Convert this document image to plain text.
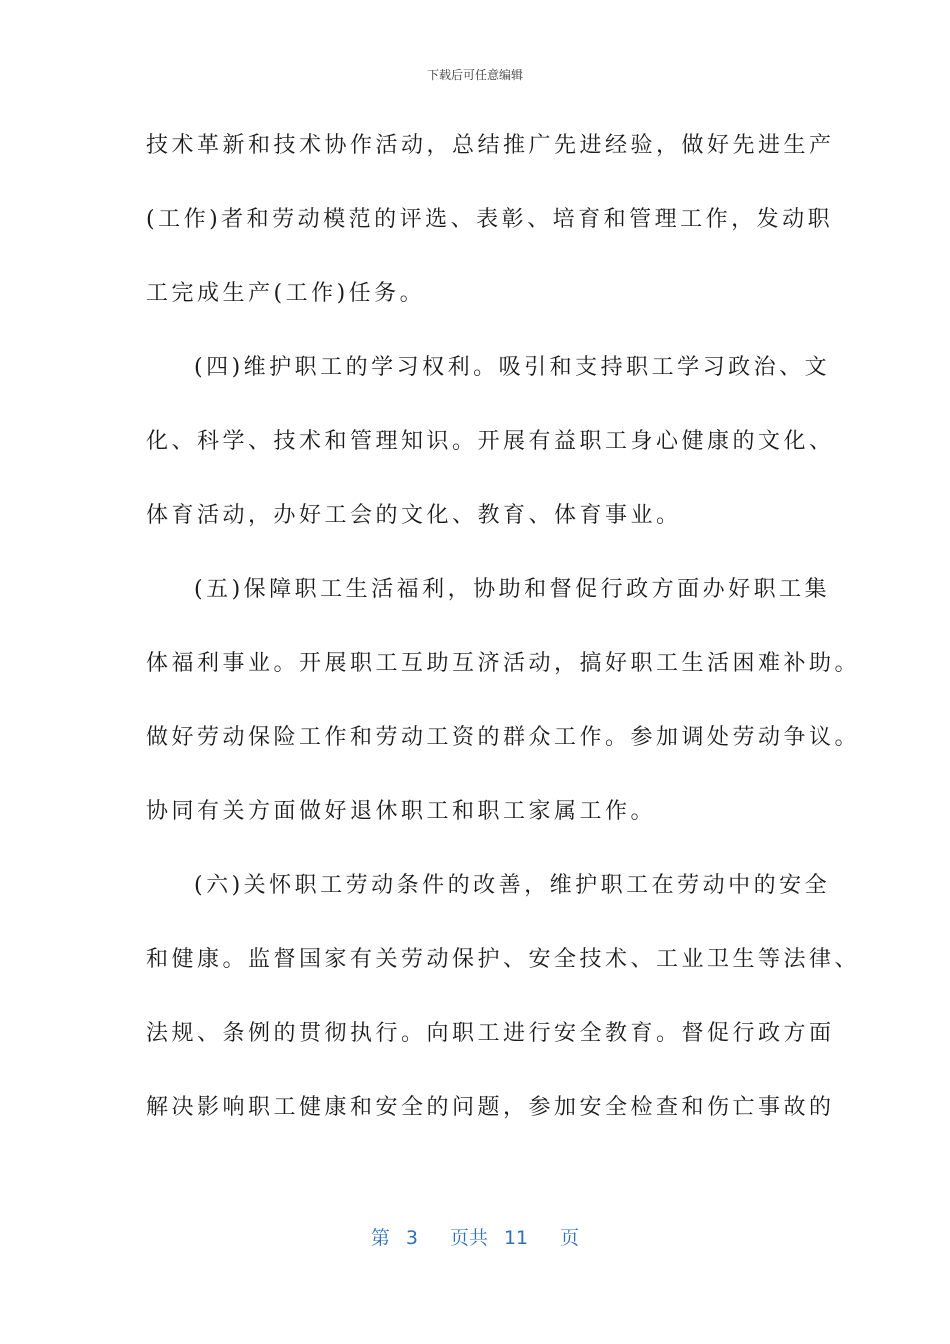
下载后可任意编辑
技术革新和技术协作活动，总结推广先进经验，做好先进生产
(工作)者和劳动模范的评选、表彰、培育和管理工作，发动职
工完成生产(工作)任务。
(四)维护职工的学习权利。吸引和支持职工学习政治、文
化、科学、技术和管理知识。开展有益职工身心健康的文化、
体育活动，办好工会的文化、教育、体育事业。
(五)保障职工生活福利，协助和督促行政方面办好职工集
体福利事业。开展职工互助互济活动，搞好职工生活困难补助。
做好劳动保险工作和劳动工资的群众工作。参加调处劳动争议。
协同有关方面做好退休职工和职工家属工作。
(六)关怀职工劳动条件的改善，维护职工在劳动中的安全
和健康。监督国家有关劳动保护、安全技术、工业卫生等法律、
法规、条例的贯彻执行。向职工进行安全教育。督促行政方面
解决影响职工健康和安全的问题，参加安全检查和伤亡事故的
第 3 页共 11 页
